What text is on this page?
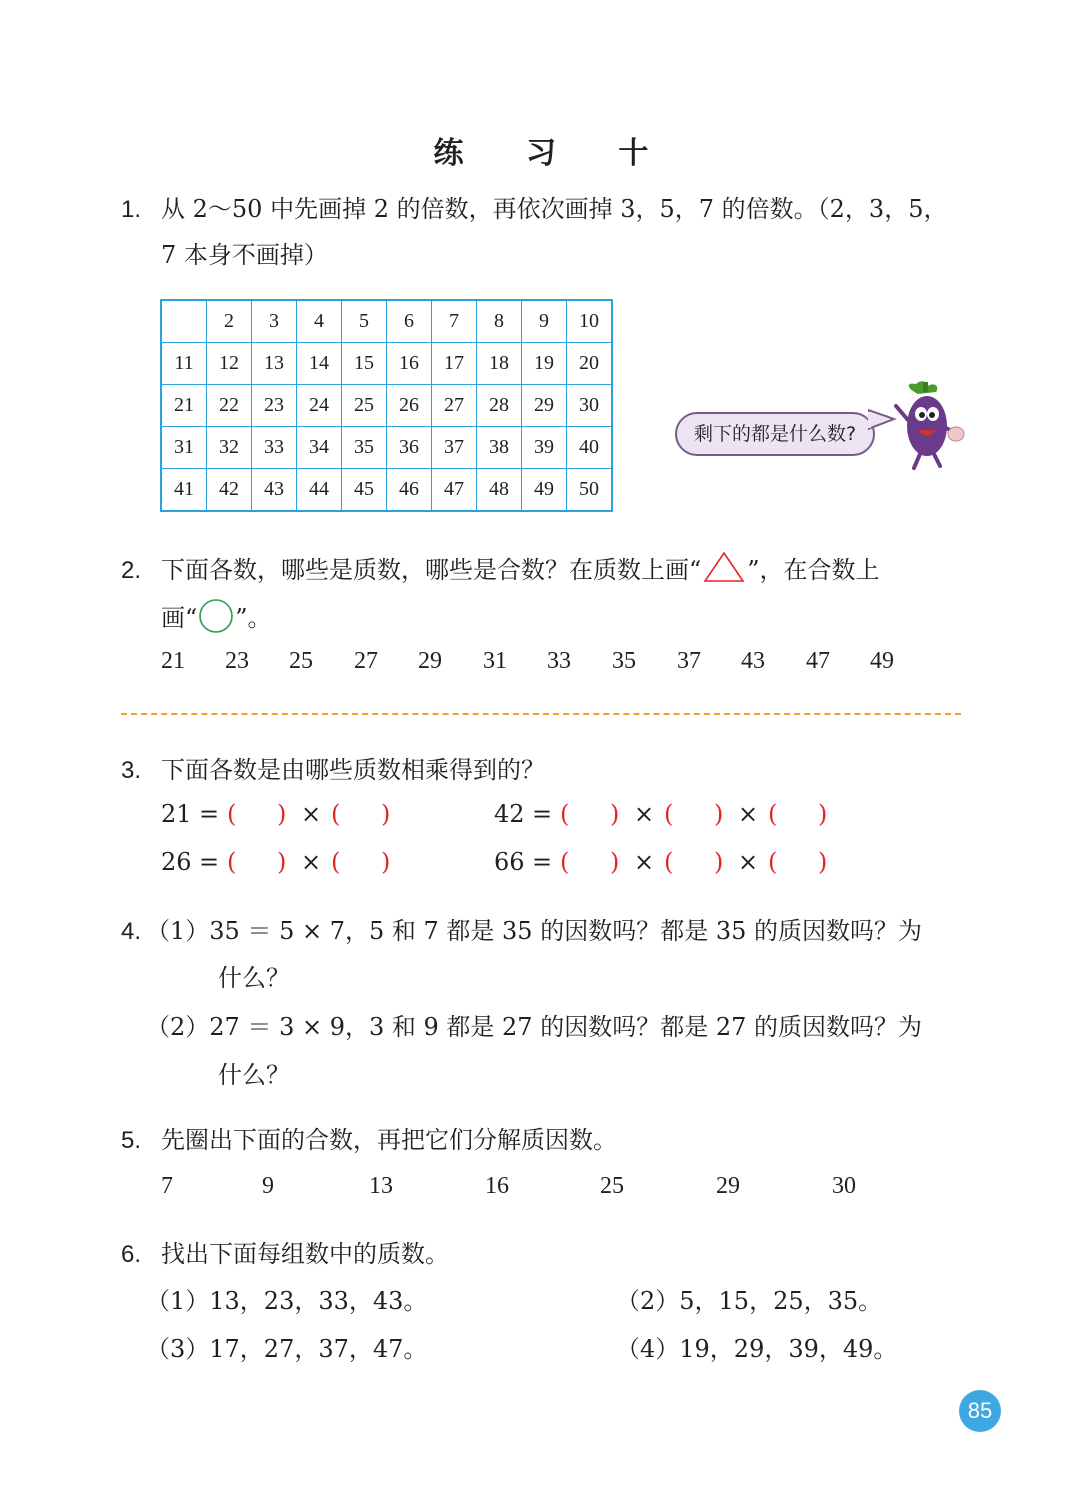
练 习 十
1. 从 2～50 中先画掉 2 的倍数，再依次画掉 3，5，7 的倍数。（2，3，5，
7 本身不画掉）
	2	3	4	5	6	7	8	9	10
11	12	13	14	15	16	17	18	19	20
21	22	23	24	25	26	27	28	29	30
31	32	33	34	35	36	37	38	39	40
41	42	43	44	45	46	47	48	49	50
剩下的都是什么数?
2. 下面各数，哪些是质数，哪些是合数？在质数上画“ ”，在合数上
画“ ”。
21 23 25 27 29 31 33 35 37 43 47 49
3. 下面各数是由哪些质数相乘得到的？
21 = ( ) × ( )	42 = ( ) × ( ) × ( )
26 = ( ) × ( )	66 = ( ) × ( ) × ( )
4. （1）35 ＝ 5 × 7，5 和 7 都是 35 的因数吗？都是 35 的质因数吗？为
什么？
（2）27 ＝ 3 × 9，3 和 9 都是 27 的因数吗？都是 27 的质因数吗？为
什么？
5. 先圈出下面的合数，再把它们分解质因数。
7	9	13	16	25	29	30
6. 找出下面每组数中的质数。
（1）13，23，33，43。	（2）5，15，25，35。
（3）17，27，37，47。	（4）19，29，39，49。
85
